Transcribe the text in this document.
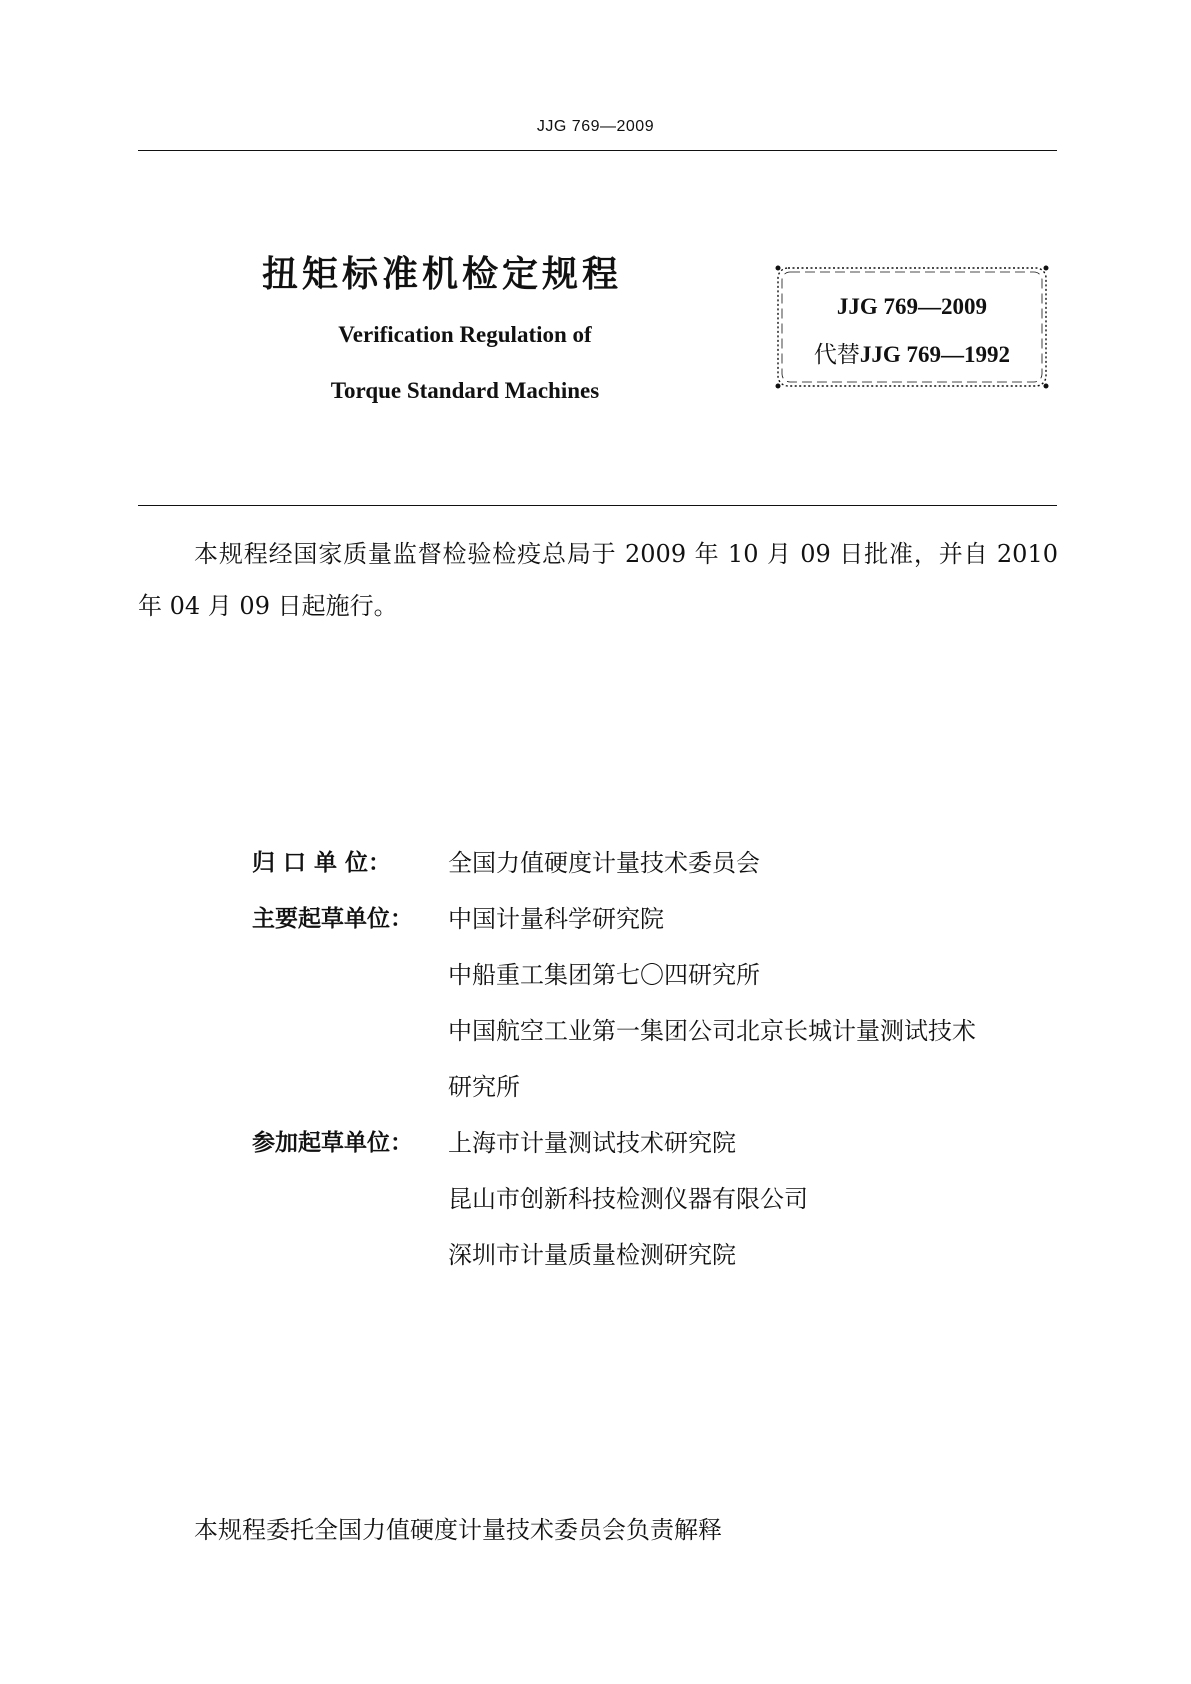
JJG 769—2009
扭矩标准机检定规程
Verification Regulation of
Torque Standard Machines
JJG 769—2009
代替JJG 769—1992
本规程经国家质量监督检验检疫总局于 2009 年 10 月 09 日批准，并自 2010 年 04 月 09 日起施行。
归 口 单 位：	全国力值硬度计量技术委员会
主要起草单位：	中国计量科学研究院
中船重工集团第七〇四研究所
中国航空工业第一集团公司北京长城计量测试技术
研究所
参加起草单位：	上海市计量测试技术研究院
昆山市创新科技检测仪器有限公司
深圳市计量质量检测研究院
本规程委托全国力值硬度计量技术委员会负责解释
